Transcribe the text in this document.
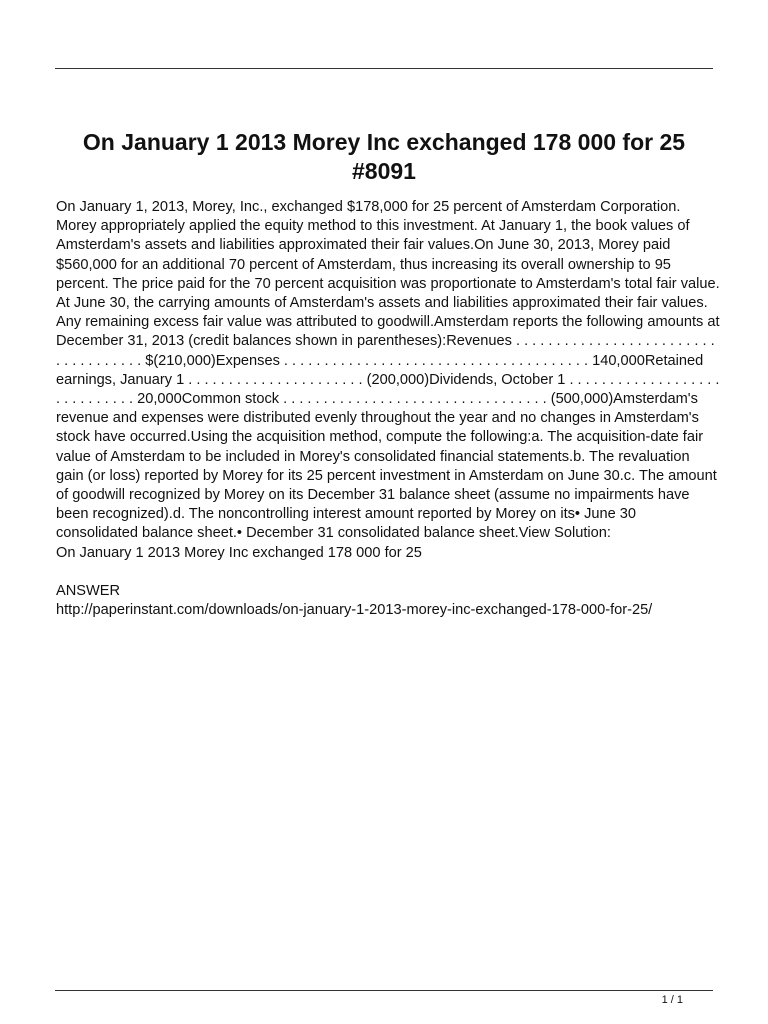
On January 1 2013 Morey Inc exchanged 178 000 for 25 #8091

On January 1, 2013, Morey, Inc., exchanged $178,000 for 25 percent of Amsterdam Corporation. Morey appropriately applied the equity method to this investment. At January 1, the book values of Amsterdam's assets and liabilities approximated their fair values.On June 30, 2013, Morey paid $560,000 for an additional 70 percent of Amsterdam, thus increasing its overall ownership to 95 percent. The price paid for the 70 percent acquisition was proportionate to Amsterdam's total fair value. At June 30, the carrying amounts of Amsterdam's assets and liabilities approximated their fair values. Any remaining excess fair value was attributed to goodwill.Amsterdam reports the following amounts at December 31, 2013 (credit balances shown in parentheses):Revenues . . . . . . . . . . . . . . . . . . . . . . . . . . . . . . . . . . . . $(210,000)Expenses . . . . . . . . . . . . . . . . . . . . . . . . . . . . . . . . . . . . . . 140,000Retained earnings, January 1 . . . . . . . . . . . . . . . . . . . . . . (200,000)Dividends, October 1 . . . . . . . . . . . . . . . . . . . . . . . . . . . . . 20,000Common stock . . . . . . . . . . . . . . . . . . . . . . . . . . . . . . . . . (500,000)Amsterdam's revenue and expenses were distributed evenly throughout the year and no changes in Amsterdam's stock have occurred.Using the acquisition method, compute the following:a. The acquisition-date fair value of Amsterdam to be included in Morey's consolidated financial statements.b. The revaluation gain (or loss) reported by Morey for its 25 percent investment in Amsterdam on June 30.c. The amount of goodwill recognized by Morey on its December 31 balance sheet (assume no impairments have been recognized).d. The noncontrolling interest amount reported by Morey on its• June 30 consolidated balance sheet.• December 31 consolidated balance sheet.View Solution:

On January 1 2013 Morey Inc exchanged 178 000 for 25

ANSWER

http://paperinstant.com/downloads/on-january-1-2013-morey-inc-exchanged-178-000-for-25/

1 / 1
